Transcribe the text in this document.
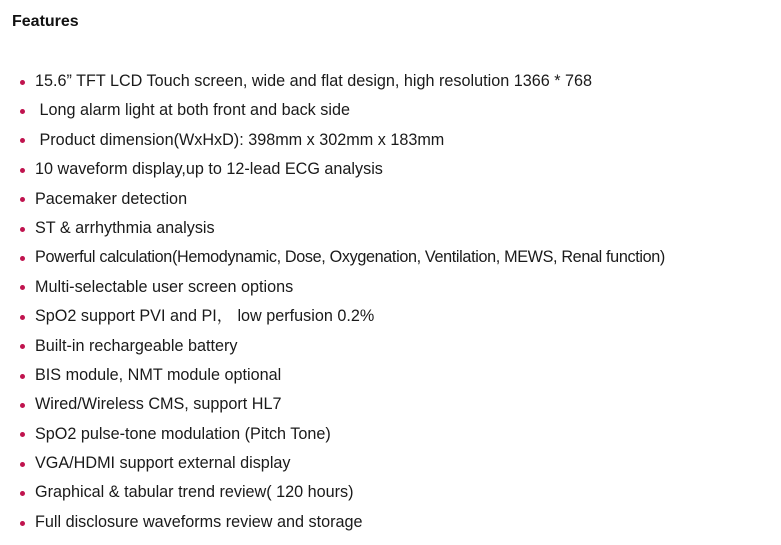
Features
15.6” TFT LCD Touch screen, wide and flat design, high resolution 1366 * 768
Long alarm light at both front and back side
Product dimension(WxHxD): 398mm x 302mm x 183mm
10 waveform display,up to 12-lead ECG analysis
Pacemaker detection
ST & arrhythmia analysis
Powerful calculation(Hemodynamic, Dose, Oxygenation, Ventilation, MEWS, Renal function)
Multi-selectable user screen options
SpO2 support PVI and PI， low perfusion 0.2%
Built-in rechargeable battery
BIS module, NMT module optional
Wired/Wireless CMS, support HL7
SpO2 pulse-tone modulation (Pitch Tone)
VGA/HDMI support external display
Graphical & tabular trend review( 120 hours)
Full disclosure waveforms review and storage
